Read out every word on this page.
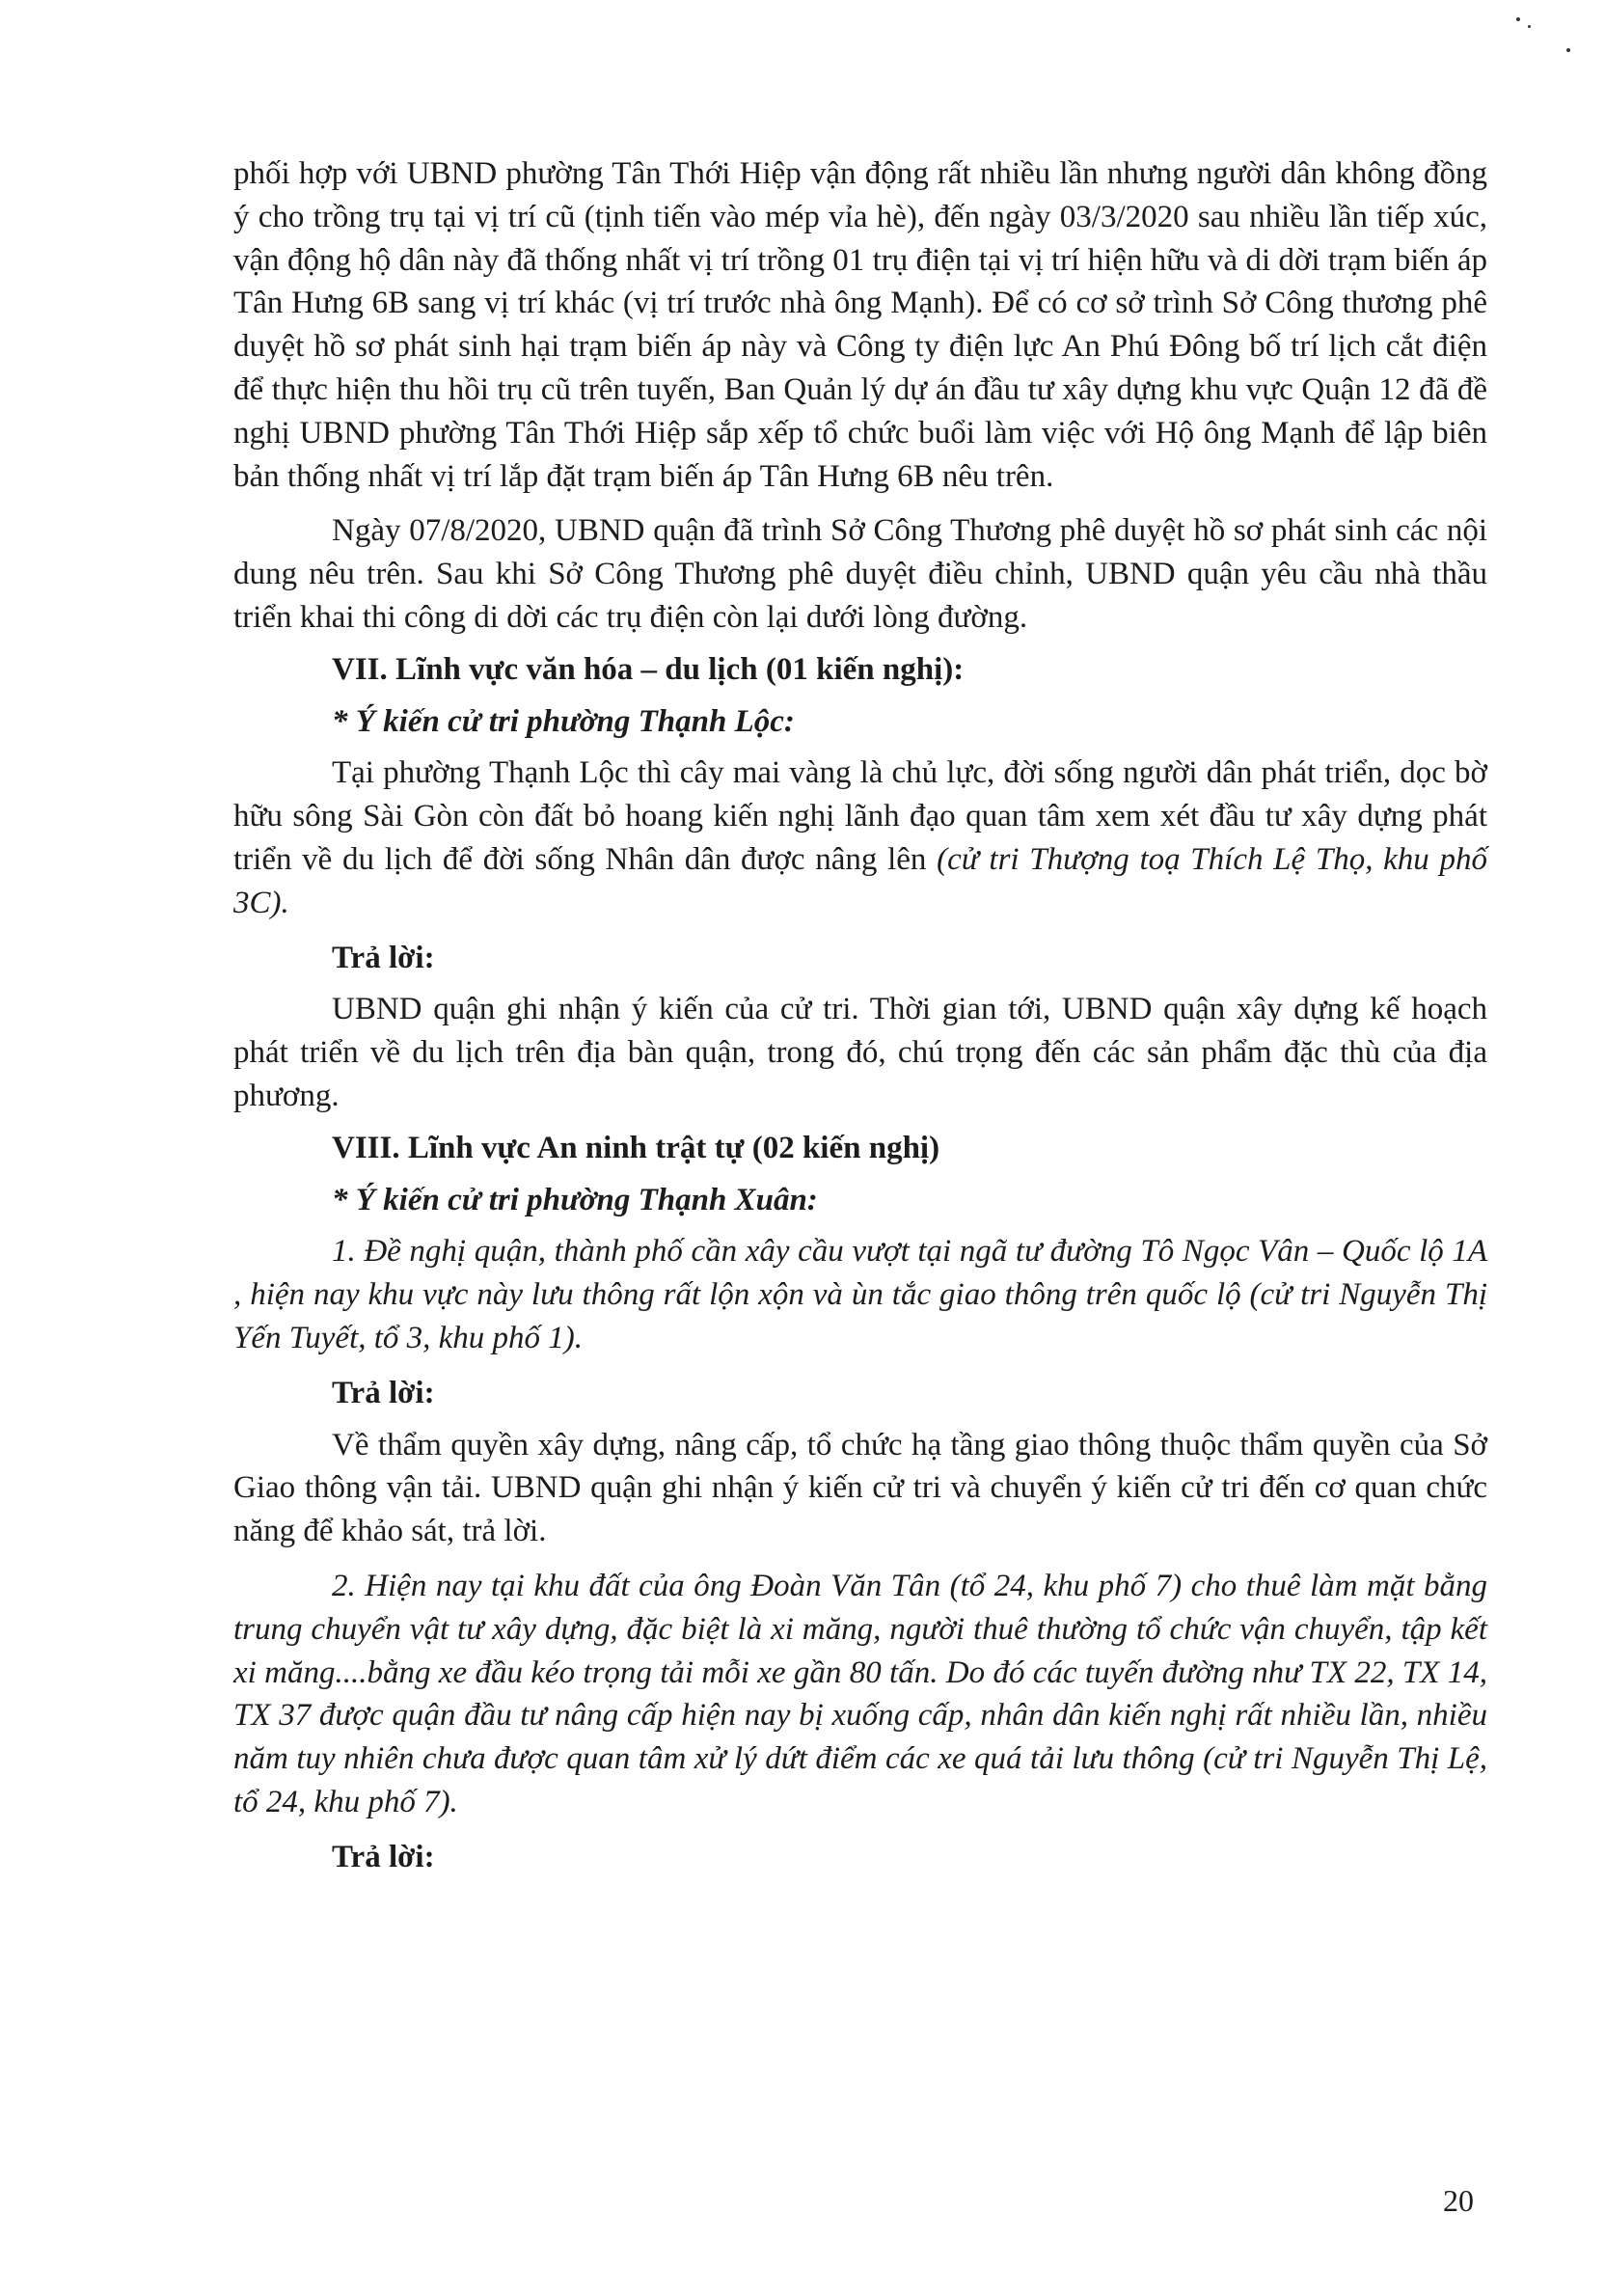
phối hợp với UBND phường Tân Thới Hiệp vận động rất nhiều lần nhưng người dân không đồng ý cho trồng trụ tại vị trí cũ (tịnh tiến vào mép vỉa hè), đến ngày 03/3/2020 sau nhiều lần tiếp xúc, vận động hộ dân này đã thống nhất vị trí trồng 01 trụ điện tại vị trí hiện hữu và di dời trạm biến áp Tân Hưng 6B sang vị trí khác (vị trí trước nhà ông Mạnh). Để có cơ sở trình Sở Công thương phê duyệt hồ sơ phát sinh hại trạm biến áp này và Công ty điện lực An Phú Đông bố trí lịch cắt điện để thực hiện thu hồi trụ cũ trên tuyến, Ban Quản lý dự án đầu tư xây dựng khu vực Quận 12 đã đề nghị UBND phường Tân Thới Hiệp sắp xếp tổ chức buổi làm việc với Hộ ông Mạnh để lập biên bản thống nhất vị trí lắp đặt trạm biến áp Tân Hưng 6B nêu trên.

Ngày 07/8/2020, UBND quận đã trình Sở Công Thương phê duyệt hồ sơ phát sinh các nội dung nêu trên. Sau khi Sở Công Thương phê duyệt điều chỉnh, UBND quận yêu cầu nhà thầu triển khai thi công di dời các trụ điện còn lại dưới lòng đường.

VII. Lĩnh vực văn hóa – du lịch (01 kiến nghị):

* Ý kiến cử tri phường Thạnh Lộc:

Tại phường Thạnh Lộc thì cây mai vàng là chủ lực, đời sống người dân phát triển, dọc bờ hữu sông Sài Gòn còn đất bỏ hoang kiến nghị lãnh đạo quan tâm xem xét đầu tư xây dựng phát triển về du lịch để đời sống Nhân dân được nâng lên (cử tri Thượng toạ Thích Lệ Thọ, khu phố 3C).

Trả lời:

UBND quận ghi nhận ý kiến của cử tri. Thời gian tới, UBND quận xây dựng kế hoạch phát triển về du lịch trên địa bàn quận, trong đó, chú trọng đến các sản phẩm đặc thù của địa phương.

VIII. Lĩnh vực An ninh trật tự (02 kiến nghị)

* Ý kiến cử tri phường Thạnh Xuân:

1. Đề nghị quận, thành phố cần xây cầu vượt tại ngã tư đường Tô Ngọc Vân – Quốc lộ 1A , hiện nay khu vực này lưu thông rất lộn xộn và ùn tắc giao thông trên quốc lộ (cử tri Nguyễn Thị Yến Tuyết, tổ 3, khu phố 1).

Trả lời:

Về thẩm quyền xây dựng, nâng cấp, tổ chức hạ tầng giao thông thuộc thẩm quyền của Sở Giao thông vận tải. UBND quận ghi nhận ý kiến cử tri và chuyển ý kiến cử tri đến cơ quan chức năng để khảo sát, trả lời.

2. Hiện nay tại khu đất của ông Đoàn Văn Tân (tổ 24, khu phố 7) cho thuê làm mặt bằng trung chuyển vật tư xây dựng, đặc biệt là xi măng, người thuê thường tổ chức vận chuyển, tập kết xi măng....bằng xe đầu kéo trọng tải mỗi xe gần 80 tấn. Do đó các tuyến đường như TX 22, TX 14, TX 37 được quận đầu tư nâng cấp hiện nay bị xuống cấp, nhân dân kiến nghị rất nhiều lần, nhiều năm tuy nhiên chưa được quan tâm xử lý dứt điểm các xe quá tải lưu thông (cử tri Nguyễn Thị Lệ, tổ 24, khu phố 7).

Trả lời:

20
